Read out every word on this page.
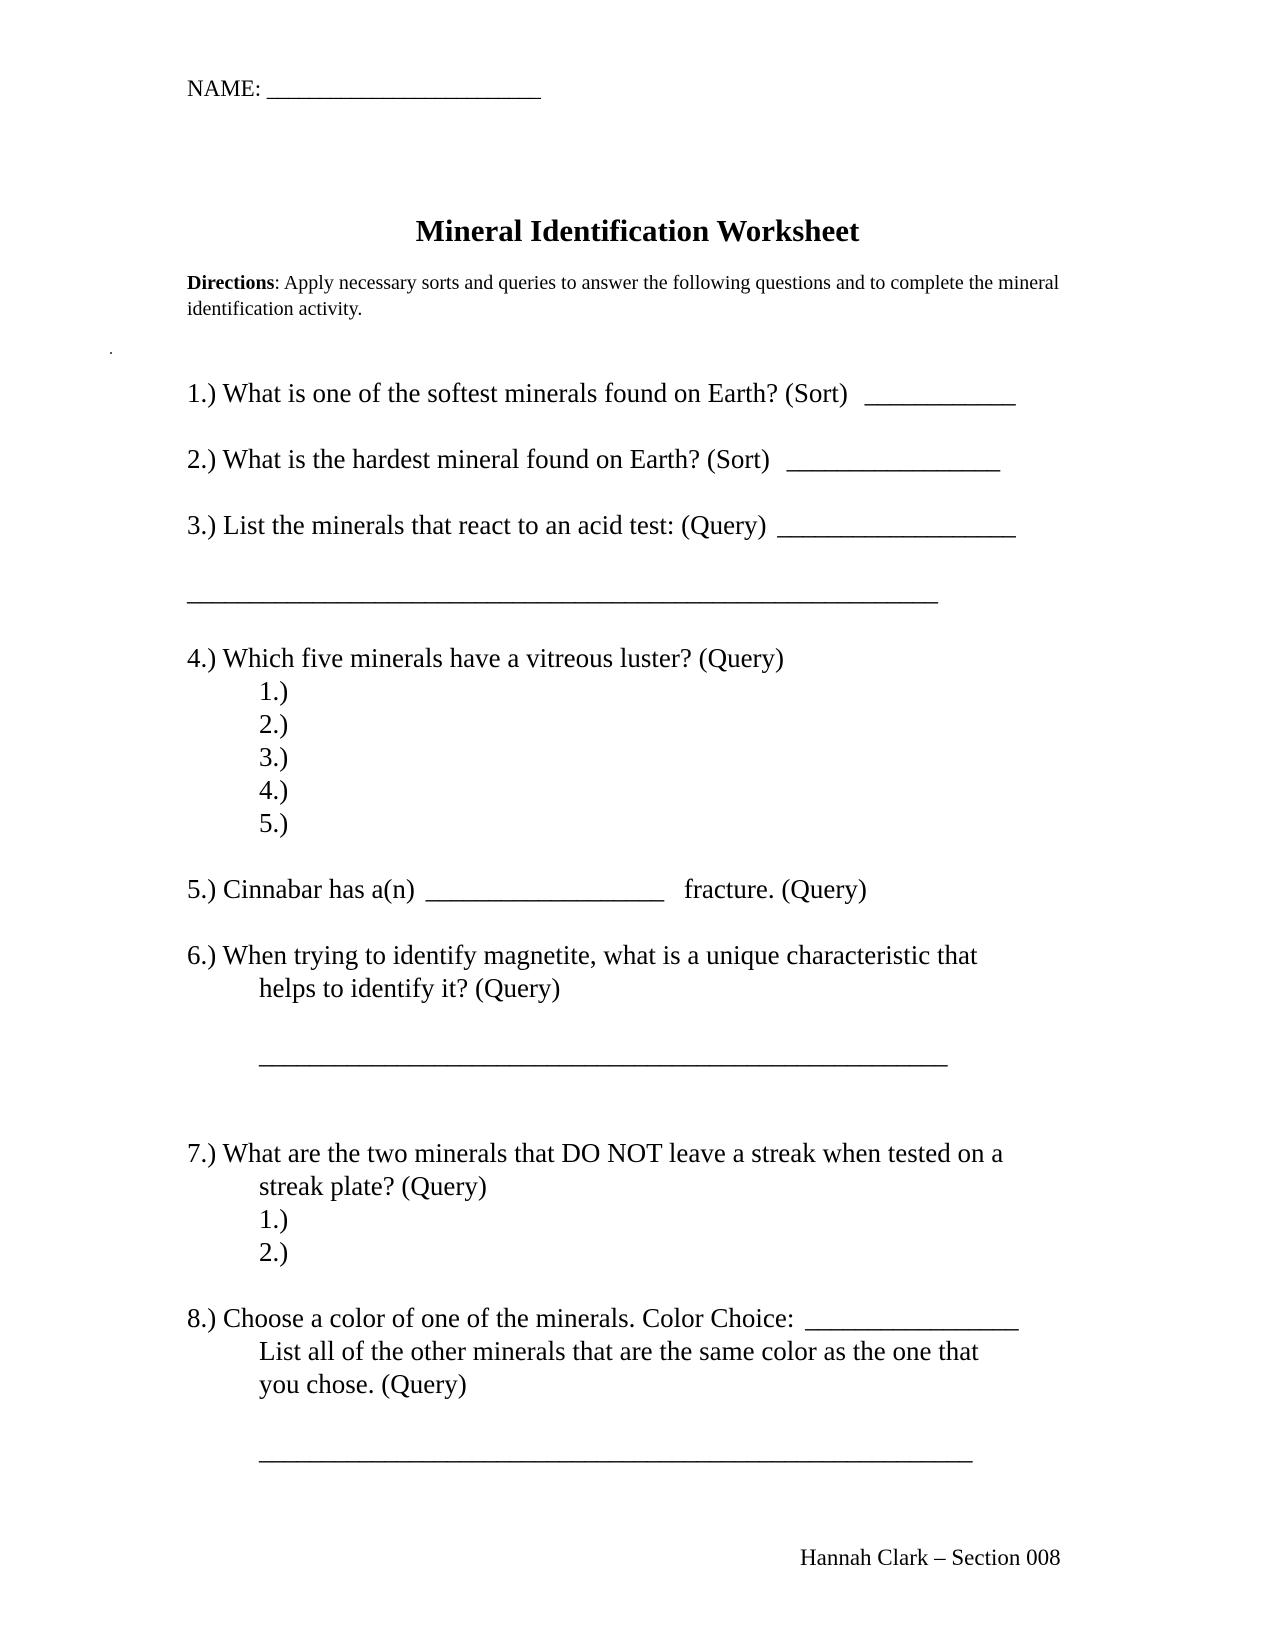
NAME: __________________________
Mineral Identification Worksheet
Directions: Apply necessary sorts and queries to answer the following questions and to complete the mineral identification activity.
1.) What is one of the softest minerals found on Earth? (Sort) ____________
2.) What is the hardest mineral found on Earth? (Sort) _________________
3.) List the minerals that react to an acid test: (Query) ___________________
____________________________________________________________
4.) Which five minerals have a vitreous luster? (Query)
1.)
2.)
3.)
4.)
5.)
5.) Cinnabar has a(n) ___________________ fracture. (Query)
6.) When trying to identify magnetite, what is a unique characteristic that
helps to identify it? (Query)
_______________________________________________________
7.) What are the two minerals that DO NOT leave a streak when tested on a
streak plate? (Query)
1.)
2.)
8.) Choose a color of one of the minerals. Color Choice: _________________
List all of the other minerals that are the same color as the one that
you chose. (Query)
_________________________________________________________
Hannah Clark – Section 008
